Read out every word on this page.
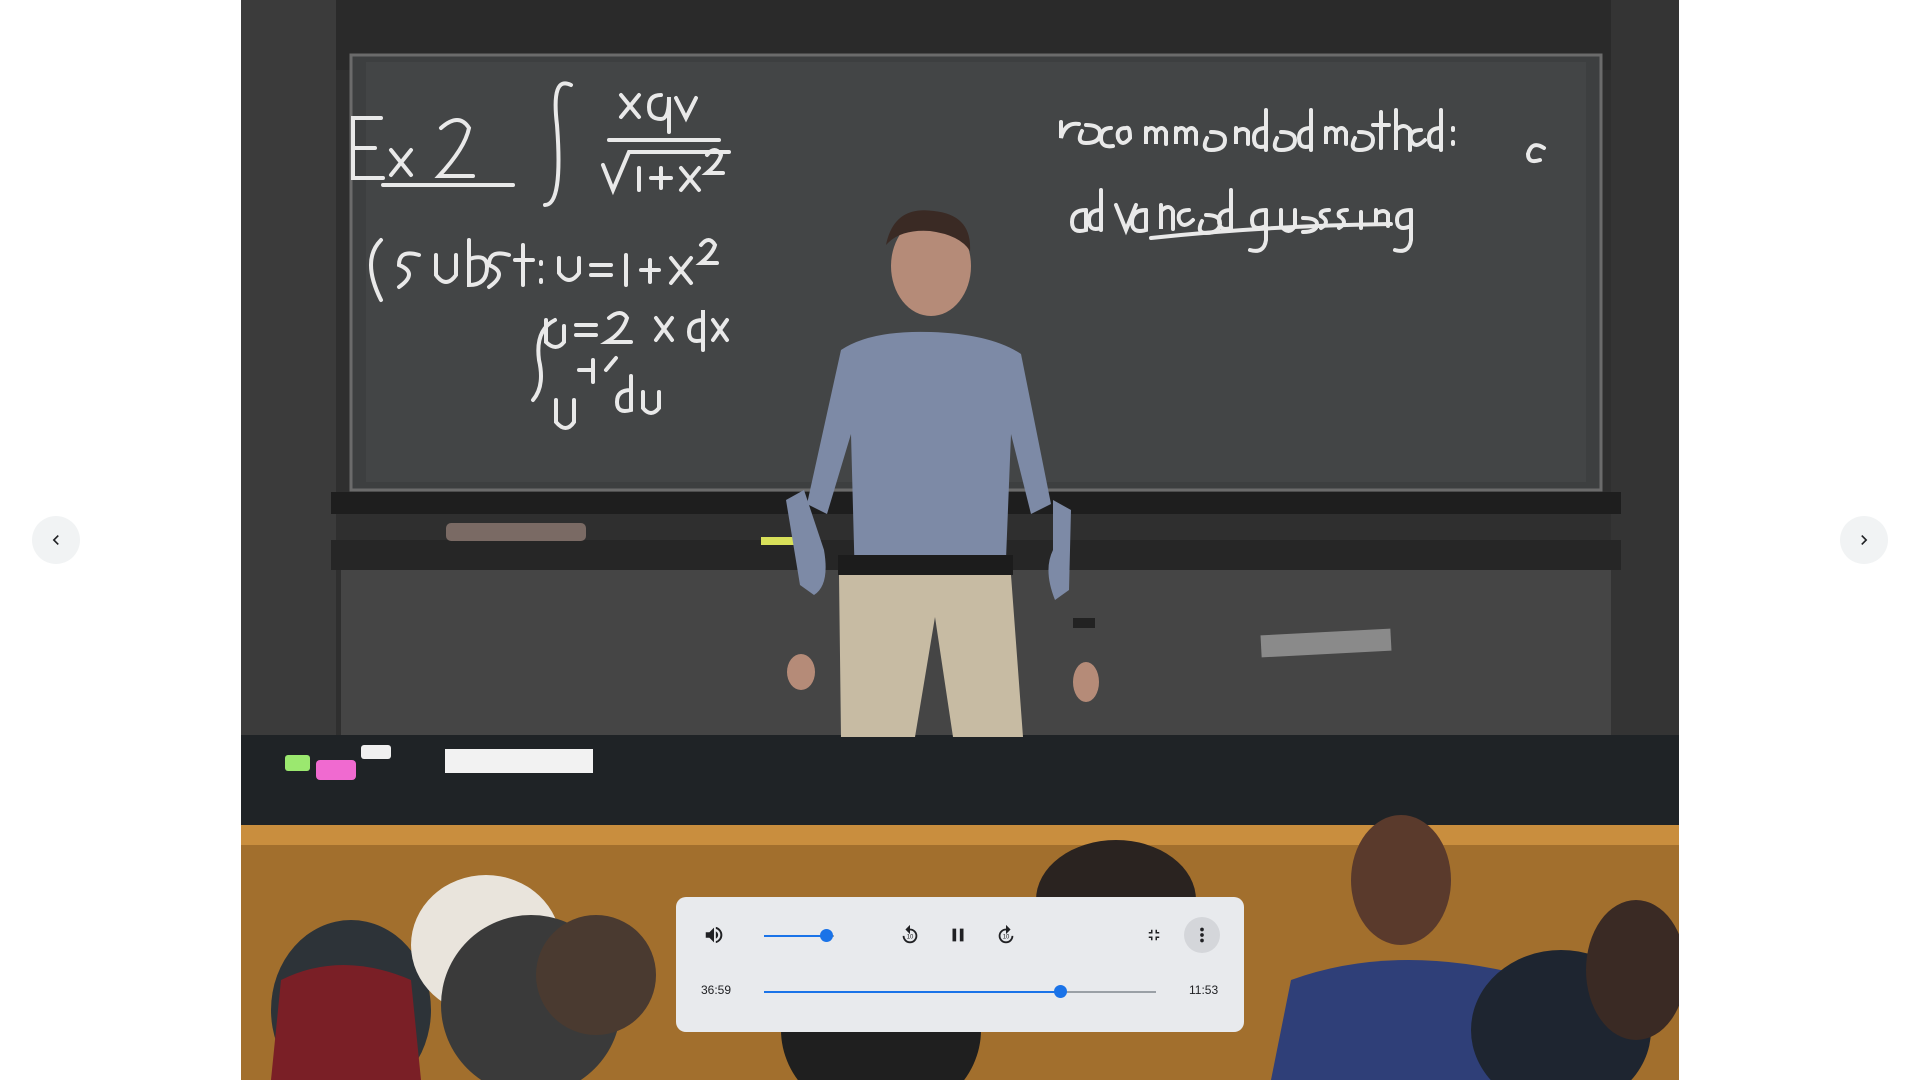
10	10
36:59	11:53
